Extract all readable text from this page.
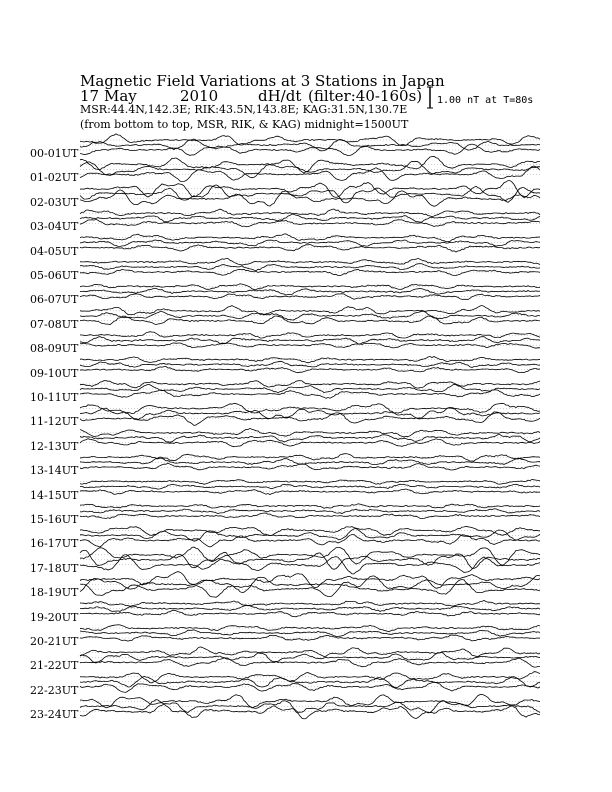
Magnetic Field Variations at 3 Stations in Japan
17 May	2010	dH/dt (filter:40-160s)
MSR:44.4N,142.3E; RIK:43.5N,143.8E; KAG:31.5N,130.7E
(from bottom to top, MSR, RIK, & KAG) midnight=1500UT
1.00 nT at T=80s
00-01UT
01-02UT
02-03UT
03-04UT
04-05UT
05-06UT
06-07UT
07-08UT
08-09UT
09-10UT
10-11UT
11-12UT
12-13UT
13-14UT
14-15UT
15-16UT
16-17UT
17-18UT
18-19UT
19-20UT
20-21UT
21-22UT
22-23UT
23-24UT
